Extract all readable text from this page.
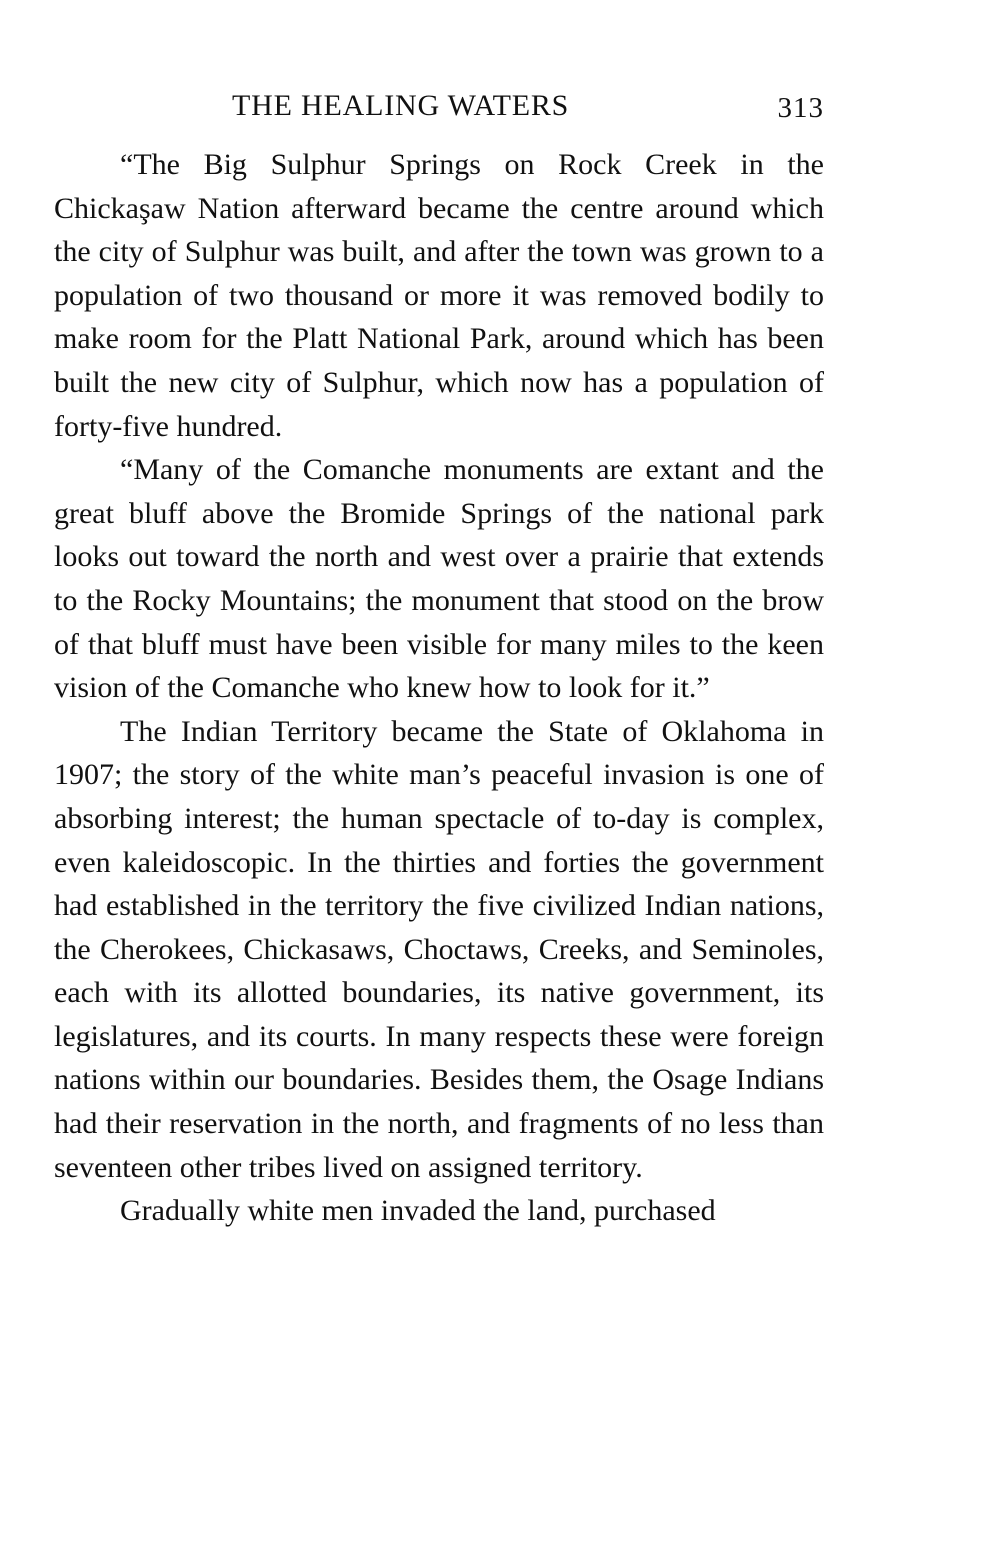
THE HEALING WATERS	313

“The Big Sulphur Springs on Rock Creek in the Chickaşaw Nation afterward became the centre around which the city of Sulphur was built, and after the town was grown to a population of two thousand or more it was removed bodily to make room for the Platt National Park, around which has been built the new city of Sulphur, which now has a population of forty-five hundred.

“Many of the Comanche monuments are extant and the great bluff above the Bromide Springs of the national park looks out toward the north and west over a prairie that extends to the Rocky Mountains; the monument that stood on the brow of that bluff must have been visible for many miles to the keen vision of the Comanche who knew how to look for it.”

The Indian Territory became the State of Oklahoma in 1907; the story of the white man’s peaceful invasion is one of absorbing interest; the human spectacle of to-day is complex, even kaleidoscopic. In the thirties and forties the government had established in the territory the five civilized Indian nations, the Cherokees, Chickasaws, Choctaws, Creeks, and Seminoles, each with its allotted boundaries, its native government, its legislatures, and its courts. In many respects these were foreign nations within our boundaries. Besides them, the Osage Indians had their reservation in the north, and fragments of no less than seventeen other tribes lived on assigned territory.

Gradually white men invaded the land, purchased
